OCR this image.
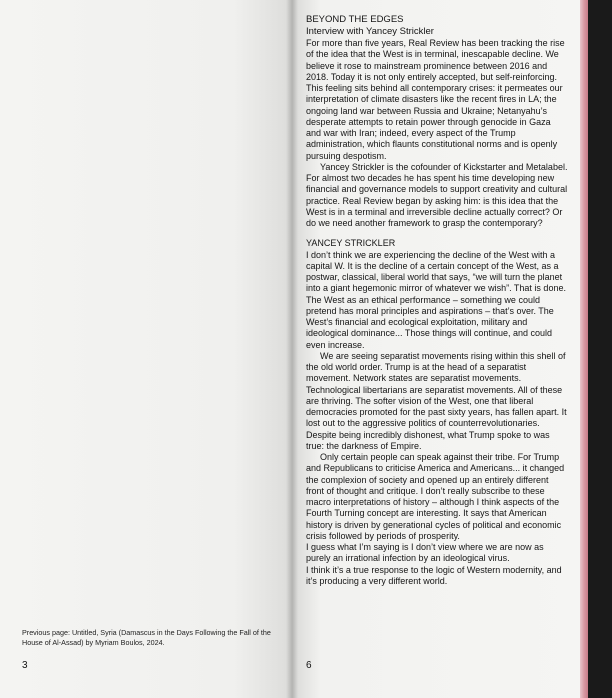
Previous page: Untitled, Syria (Damascus in the Days Following the Fall of the House of Al-Assad) by Myriam Boulos, 2024.
3

BEYOND THE EDGES

Interview with Yancey Strickler

For more than five years, Real Review has been tracking the rise of the idea that the West is in terminal, inescapable decline. We believe it rose to mainstream prominence between 2016 and 2018. Today it is not only entirely accepted, but self-reinforcing. This feeling sits behind all contemporary crises: it permeates our interpretation of climate disasters like the recent fires in LA; the ongoing land war between Russia and Ukraine; Netanyahu’s desperate attempts to retain power through genocide in Gaza and war with Iran; indeed, every aspect of the Trump administration, which flaunts constitutional norms and is openly pursuing despotism.

Yancey Strickler is the cofounder of Kickstarter and Metalabel. For almost two decades he has spent his time developing new financial and governance models to support creativity and cultural practice. Real Review began by asking him: is this idea that the West is in a terminal and irreversible decline actually correct? Or do we need another framework to grasp the contemporary?

YANCEY STRICKLER

I don’t think we are experiencing the decline of the West with a capital W. It is the decline of a certain concept of the West, as a postwar, classical, liberal world that says, “we will turn the planet into a giant hegemonic mirror of whatever we wish”. That is done. The West as an ethical performance – something we could pretend has moral principles and aspirations – that’s over. The West’s financial and ecological exploitation, military and ideological dominance... Those things will continue, and could even increase.

We are seeing separatist movements rising within this shell of the old world order. Trump is at the head of a separatist movement. Network states are separatist movements. Technological libertarians are separatist movements. All of these are thriving. The softer vision of the West, one that liberal democracies promoted for the past sixty years, has fallen apart. It lost out to the aggressive politics of counterrevolutionaries. Despite being incredibly dishonest, what Trump spoke to was true: the darkness of Empire.

Only certain people can speak against their tribe. For Trump and Republicans to criticise America and Americans... it changed the complexion of society and opened up an entirely different front of thought and critique. I don’t really subscribe to these macro interpretations of history – although I think aspects of the Fourth Turning concept are interesting. It says that American history is driven by generational cycles of political and economic crisis followed by periods of prosperity.

I guess what I’m saying is I don’t view where we are now as purely an irrational infection by an ideological virus.

I think it’s a true response to the logic of Western modernity, and it’s producing a very different world.

6
